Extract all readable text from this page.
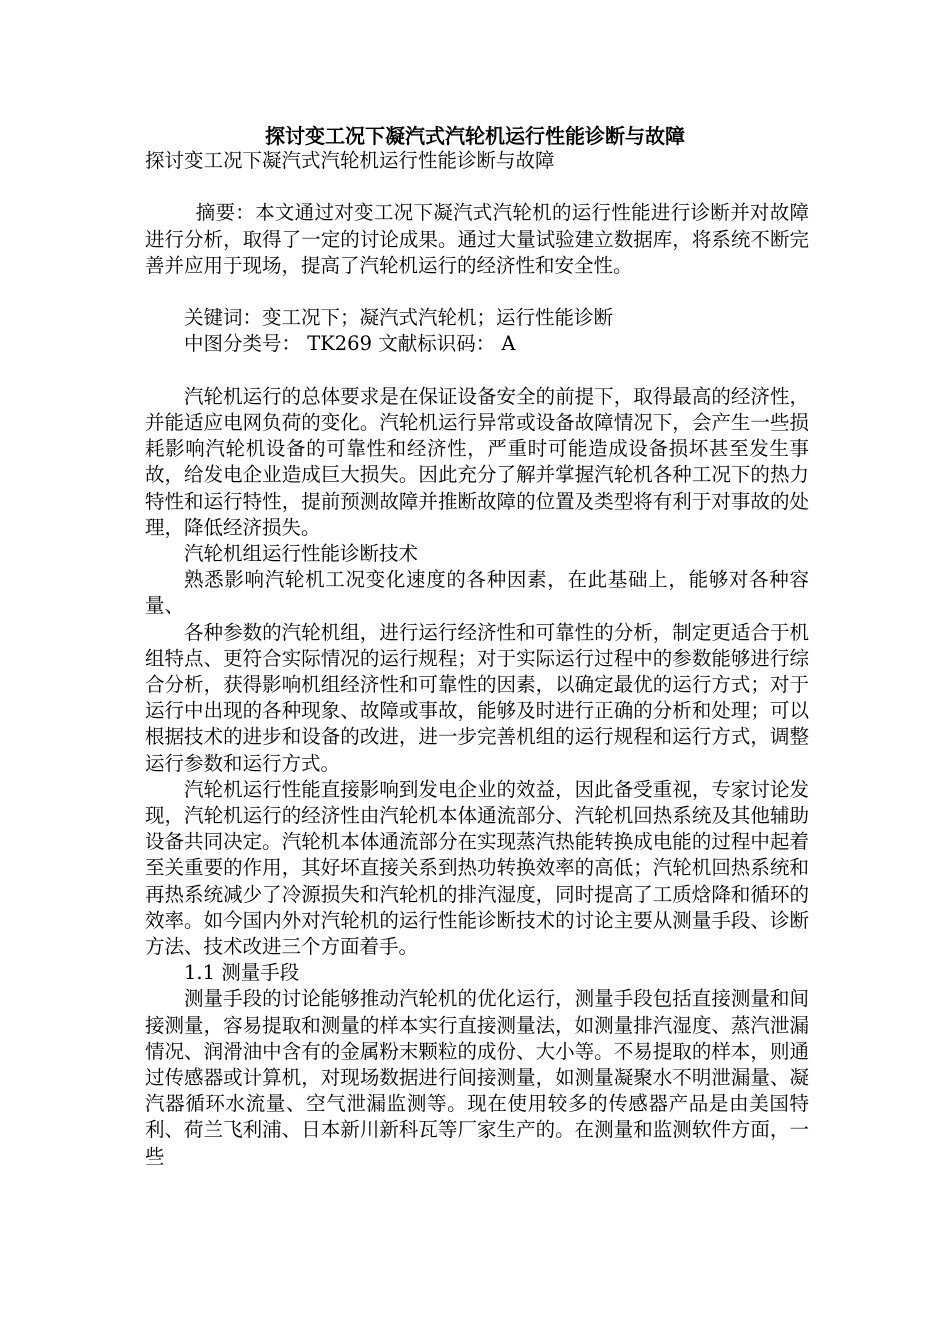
探讨变工况下凝汽式汽轮机运行性能诊断与故障

探讨变工况下凝汽式汽轮机运行性能诊断与故障

摘要：本文通过对变工况下凝汽式汽轮机的运行性能进行诊断并对故障进行分析，取得了一定的讨论成果。通过大量试验建立数据库，将系统不断完善并应用于现场，提高了汽轮机运行的经济性和安全性。

关键词：变工况下；凝汽式汽轮机；运行性能诊断

中图分类号： TK269 文献标识码： A

汽轮机运行的总体要求是在保证设备安全的前提下，取得最高的经济性，并能适应电网负荷的变化。汽轮机运行异常或设备故障情况下，会产生一些损耗影响汽轮机设备的可靠性和经济性，严重时可能造成设备损坏甚至发生事故，给发电企业造成巨大损失。因此充分了解并掌握汽轮机各种工况下的热力特性和运行特性，提前预测故障并推断故障的位置及类型将有利于对事故的处理，降低经济损失。

汽轮机组运行性能诊断技术

熟悉影响汽轮机工况变化速度的各种因素，在此基础上，能够对各种容量、

各种参数的汽轮机组，进行运行经济性和可靠性的分析，制定更适合于机组特点、更符合实际情况的运行规程；对于实际运行过程中的参数能够进行综合分析，获得影响机组经济性和可靠性的因素，以确定最优的运行方式；对于运行中出现的各种现象、故障或事故，能够及时进行正确的分析和处理；可以根据技术的进步和设备的改进，进一步完善机组的运行规程和运行方式，调整运行参数和运行方式。

汽轮机运行性能直接影响到发电企业的效益，因此备受重视，专家讨论发现，汽轮机运行的经济性由汽轮机本体通流部分、汽轮机回热系统及其他辅助设备共同决定。汽轮机本体通流部分在实现蒸汽热能转换成电能的过程中起着至关重要的作用，其好坏直接关系到热功转换效率的高低；汽轮机回热系统和再热系统减少了冷源损失和汽轮机的排汽湿度，同时提高了工质焓降和循环的效率。如今国内外对汽轮机的运行性能诊断技术的讨论主要从测量手段、诊断方法、技术改进三个方面着手。

1.1 测量手段

测量手段的讨论能够推动汽轮机的优化运行，测量手段包括直接测量和间接测量，容易提取和测量的样本实行直接测量法，如测量排汽湿度、蒸汽泄漏情况、润滑油中含有的金属粉末颗粒的成份、大小等。不易提取的样本，则通过传感器或计算机，对现场数据进行间接测量，如测量凝聚水不明泄漏量、凝汽器循环水流量、空气泄漏监测等。现在使用较多的传感器产品是由美国特利、荷兰飞利浦、日本新川新科瓦等厂家生产的。在测量和监测软件方面，一些
